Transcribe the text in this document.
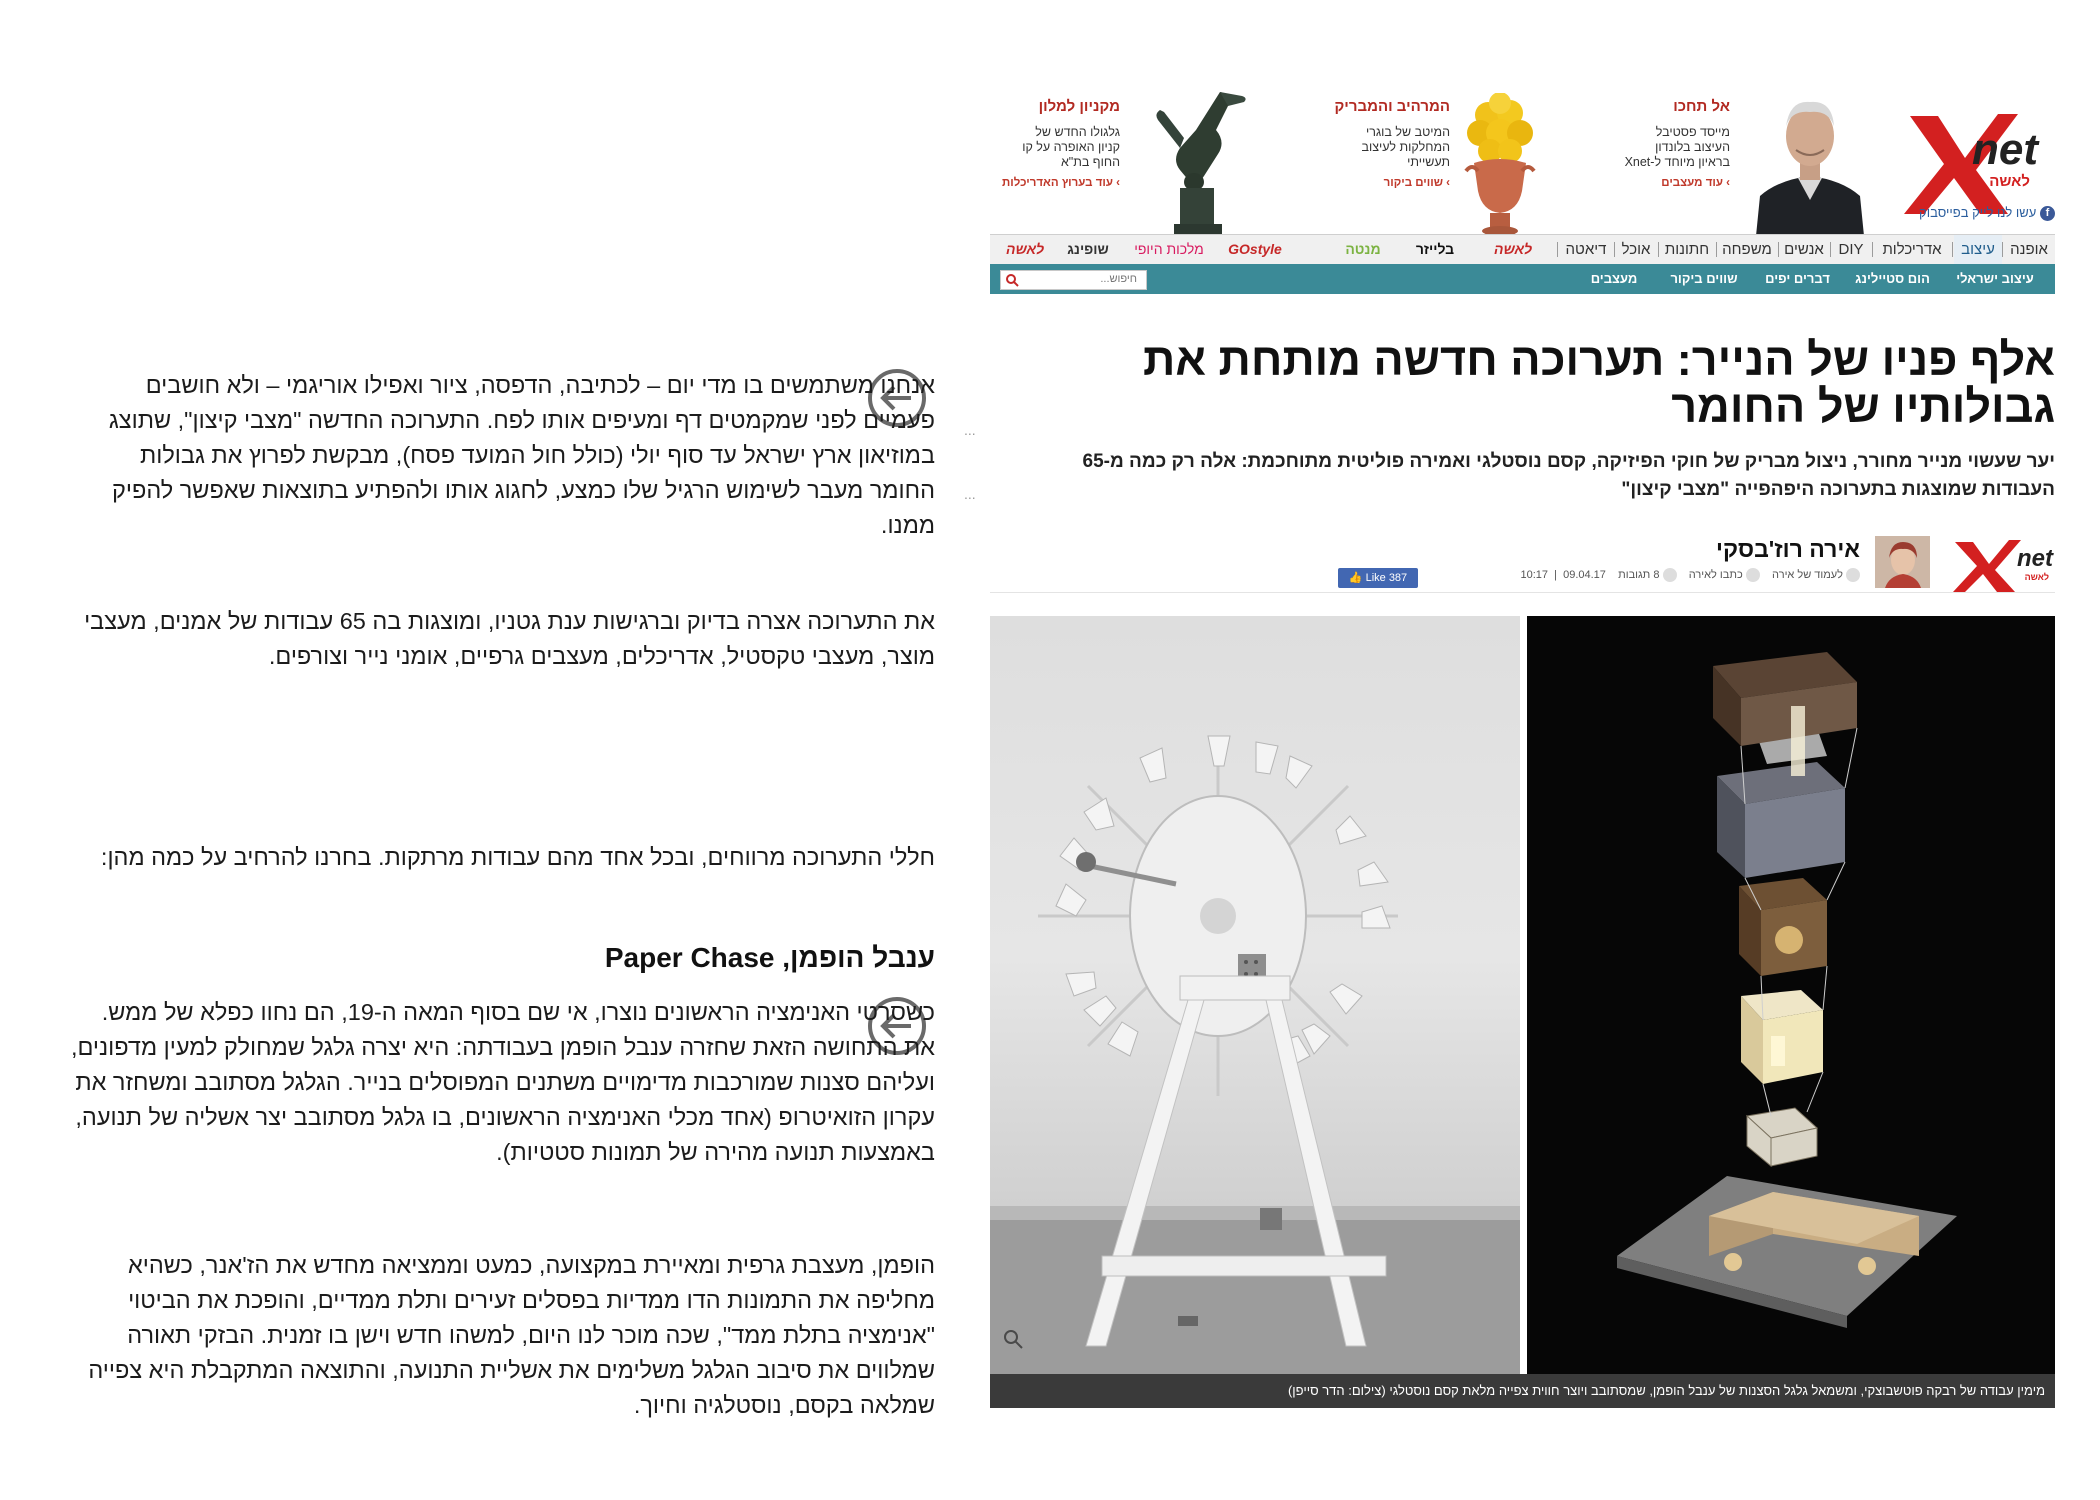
net
לאשה
f עשו לנו לייק בפייסבוק
אל תחכו
מייסד פסטיבל
העיצוב בלונדון
בראיון מיוחד ל-Xnet
› עוד מעצבים
המרהיב והמבריק
המיטב של בוגרי
המחלקות לעיצוב
תעשייתי
› שווים ביקור
מקניון למלון
גלגולו החדש של
קניון האופרה על קו
החוף בת"א
› עוד בערוץ האדריכלות
אופנה
עיצוב
אדריכלות
DIY
אנשים
משפחה
חתונות
אוכל
דיאטה
לאשה
בלייזר
מנטה
GOstyle
מלכות היופי
שופינג
לאשה
עיצוב ישראלי
הום סטיילינג
דברים יפים
שווים ביקור
מעצבים
חיפוש...
אלף פניו של הנייר: תערוכה חדשה מותחת את גבולותיו של החומר
יער שעשוי מנייר מחורר, ניצול מבריק של חוקי הפיזיקה, קסם נוסטלגי ואמירה פוליטית מתוחכמת: אלה רק כמה מ-65 העבודות שמוצגות בתערוכה היפהפייה "מצבי קיצון"
net
לאשה
אירה רוז'בסקי
לעמוד של אירה     כתבו לאירה     8 תגובות    09.04.17  |  10:17
👍 Like 387
מימין עבודה של רבקה פוטשבוצקי, ומשמאל גלגל הסצנות של ענבל הופמן, שמסתובב ויוצר חווית צפייה מלאת קסם נוסטלגי (צילום: הדר סייפן)
...
...
אנחנו משתמשים בו מדי יום – לכתיבה, הדפסה, ציור ואפילו אוריגמי – ולא חושבים פעמיים לפני שמקמטים דף ומעיפים אותו לפח. התערוכה החדשה "מצבי קיצון", שתוצג במוזיאון ארץ ישראל עד סוף יולי (כולל חול המועד פסח), מבקשת לפרוץ את גבולות החומר מעבר לשימוש הרגיל שלו כמצע, לחגוג אותו ולהפתיע בתוצאות שאפשר להפיק ממנו.
את התערוכה אצרה בדיוק וברגישות ענת גטניו, ומוצגות בה 65 עבודות של אמנים, מעצבי מוצר, מעצבי טקסטיל, אדריכלים, מעצבים גרפיים, אומני נייר וצורפים.
חללי התערוכה מרווחים, ובכל אחד מהם עבודות מרתקות. בחרנו להרחיב על כמה מהן:
ענבל הופמן, Paper Chase
כשסרטי האנימציה הראשונים נוצרו, אי שם בסוף המאה ה-19, הם נחוו כפלא של ממש. את התחושה הזאת שחזרה ענבל הופמן בעבודתה: היא יצרה גלגל שמחולק למעין מדפונים, ועליהם סצנות שמורכבות מדימויים משתנים המפוסלים בנייר. הגלגל מסתובב ומשחזר את עקרון הזואיטרופ (אחד מכלי האנימציה הראשונים, בו גלגל מסתובב יצר אשליה של תנועה, באמצעות תנועה מהירה של תמונות סטטיות).
הופמן, מעצבת גרפית ומאיירת במקצועה, כמעט וממציאה מחדש את הז'אנר, כשהיא מחליפה את התמונות הדו ממדיות בפסלים זעירים ותלת ממדיים, והופכת את הביטוי "אנימציה בתלת ממד", שכה מוכר לנו היום, למשהו חדש וישן בו זמנית. הבזקי תאורה שמלווים את סיבוב הגלגל משלימים את אשליית התנועה, והתוצאה המתקבלת היא צפייה שמלאה בקסם, נוסטלגיה וחיוך.
